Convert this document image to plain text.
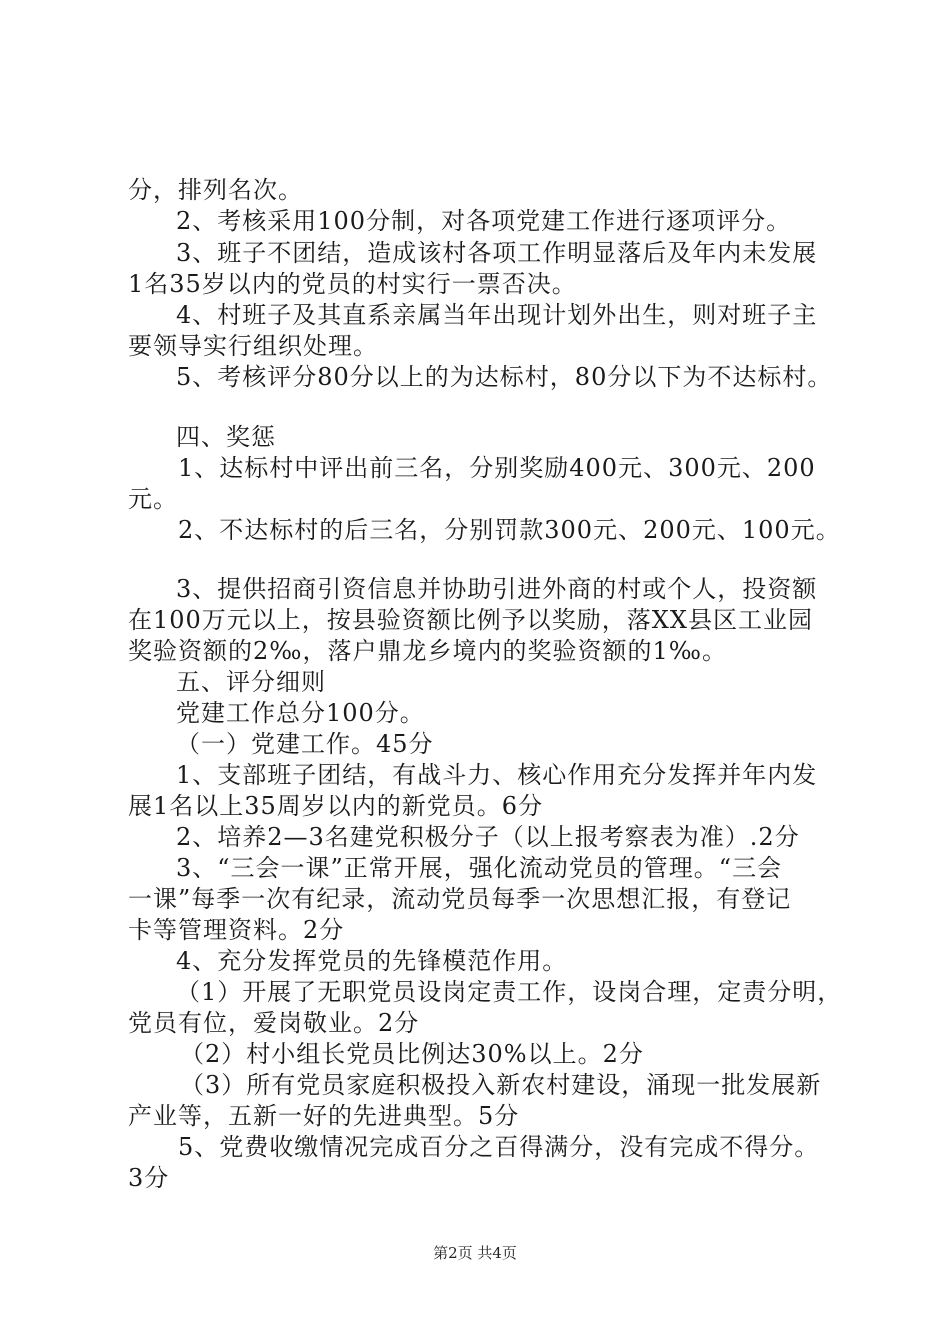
分，排列名次。
2、考核采用100分制，对各项党建工作进行逐项评分。
3、班子不团结，造成该村各项工作明显落后及年内未发展
1名35岁以内的党员的村实行一票否决。
4、村班子及其直系亲属当年出现计划外出生，则对班子主
要领导实行组织处理。
5、考核评分80分以上的为达标村，80分以下为不达标村。
四、奖惩
1、达标村中评出前三名，分别奖励400元、300元、200
元。
2、不达标村的后三名，分别罚款300元、200元、100元。
3、提供招商引资信息并协助引进外商的村或个人，投资额
在100万元以上，按县验资额比例予以奖励，落XX县区工业园
奖验资额的2‰，落户鼎龙乡境内的奖验资额的1‰。
五、评分细则
党建工作总分100分。
（一）党建工作。45分
1、支部班子团结，有战斗力、核心作用充分发挥并年内发
展1名以上35周岁以内的新党员。6分
2、培养2—3名建党积极分子（以上报考察表为准）.2分
3、“三会一课”正常开展，强化流动党员的管理。“三会
一课”每季一次有纪录，流动党员每季一次思想汇报，有登记
卡等管理资料。2分
4、充分发挥党员的先锋模范作用。
（1）开展了无职党员设岗定责工作，设岗合理，定责分明，
党员有位，爱岗敬业。2分
（2）村小组长党员比例达30%以上。2分
（3）所有党员家庭积极投入新农村建设，涌现一批发展新
产业等，五新一好的先进典型。5分
5、党费收缴情况完成百分之百得满分，没有完成不得分。
3分
第2页 共4页
